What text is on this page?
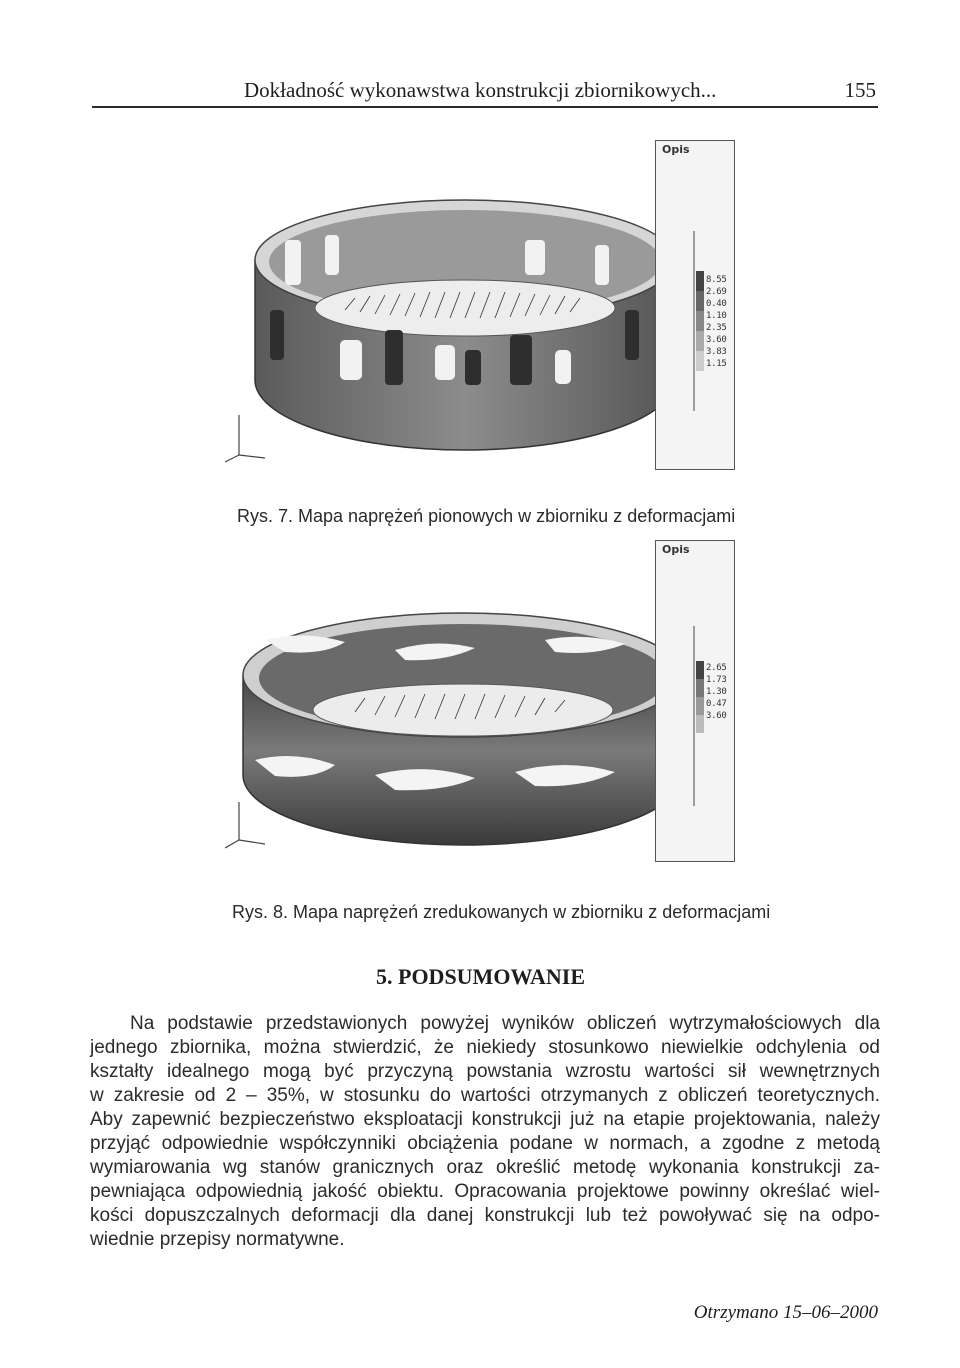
Dokładność wykonawstwa konstrukcji zbiornikowych...	155
Opis
8.55
2.69
0.40
1.10
2.35
3.60
3.83
1.15
Rys. 7. Mapa naprężeń pionowych w zbiorniku z deformacjami
Opis
2.65
1.73
1.30
0.47
3.60
Rys. 8. Mapa naprężeń zredukowanych w zbiorniku z deformacjami
5. PODSUMOWANIE
Na podstawie przedstawionych powyżej wyników obliczeń wytrzymałościowych dla
jednego zbiornika, można stwierdzić, że niekiedy stosunkowo niewielkie odchylenia od
kształty idealnego mogą być przyczyną powstania wzrostu wartości sił wewnętrznych
w zakresie od 2 – 35%, w stosunku do wartości otrzymanych z obliczeń teoretycznych.
Aby zapewnić bezpieczeństwo eksploatacji konstrukcji już na etapie projektowania, należy
przyjąć odpowiednie współczynniki obciążenia podane w normach, a zgodne z metodą
wymiarowania wg stanów granicznych oraz określić metodę wykonania konstrukcji za-
pewniająca odpowiednią jakość obiektu. Opracowania projektowe powinny określać wiel-
kości dopuszczalnych deformacji dla danej konstrukcji lub też powoływać się na odpo-
wiednie przepisy normatywne.
Otrzymano 15–06–2000
